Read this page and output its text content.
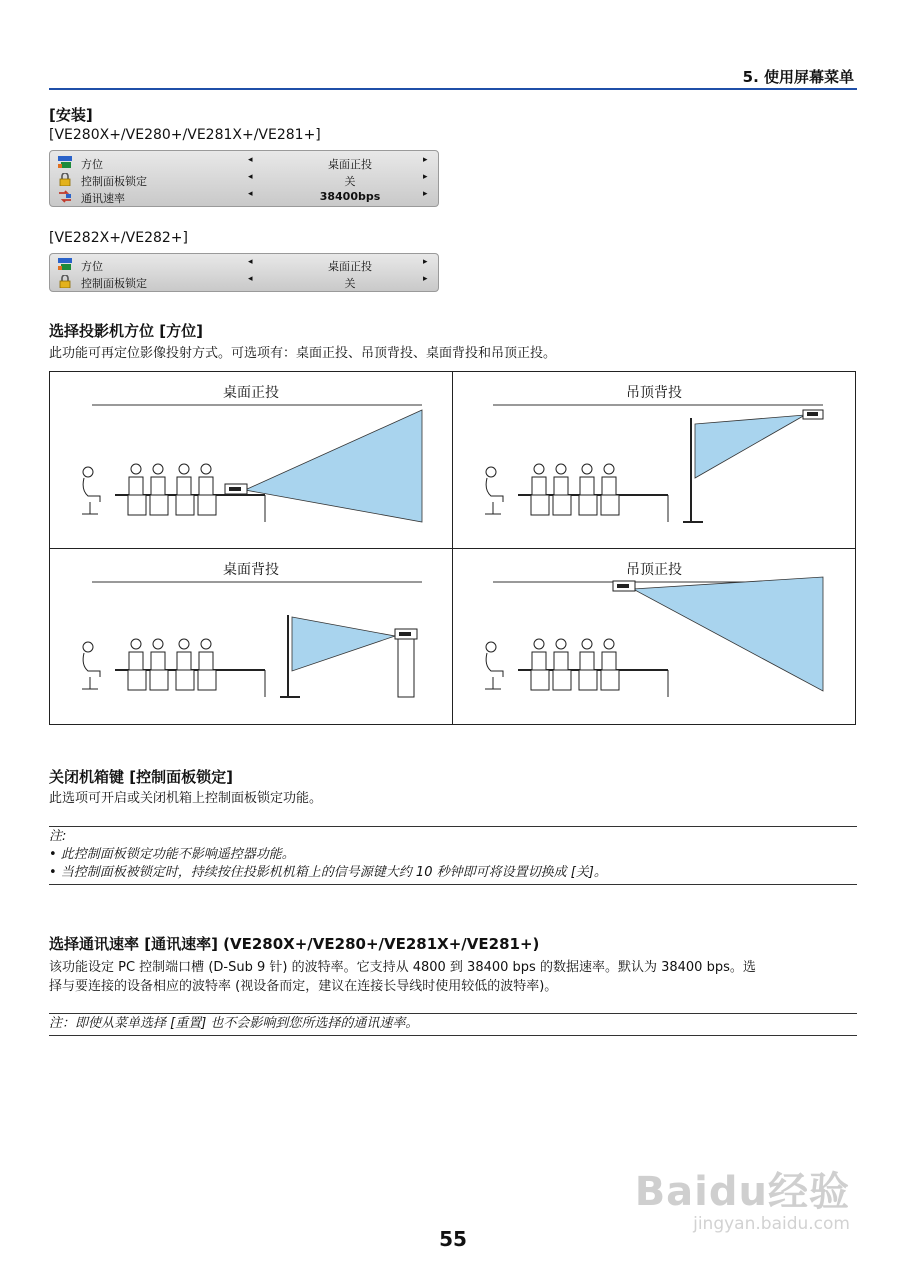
5. 使用屏幕菜单
[安装]
[VE280X+/VE280+/VE281X+/VE281+]
方位	◂	桌面正投	▸
控制面板锁定	◂	关	▸
通讯速率	◂	38400bps	▸
[VE282X+/VE282+]
方位	◂	桌面正投	▸
控制面板锁定	◂	关	▸
选择投影机方位 [方位]
此功能可再定位影像投射方式。可选项有：桌面正投、吊顶背投、桌面背投和吊顶正投。
桌面正投	吊顶背投
桌面背投	吊顶正投
关闭机箱键 [控制面板锁定]
此选项可开启或关闭机箱上控制面板锁定功能。
注:
• 此控制面板锁定功能不影响遥控器功能。
• 当控制面板被锁定时，持续按住投影机机箱上的信号源键大约 10 秒钟即可将设置切换成 [关]。
选择通讯速率 [通讯速率] (VE280X+/VE280+/VE281X+/VE281+)
该功能设定 PC 控制端口槽 (D-Sub 9 针) 的波特率。它支持从 4800 到 38400 bps 的数据速率。默认为 38400 bps。选
择与要连接的设备相应的波特率 (视设备而定，建议在连接长导线时使用较低的波特率)。
注：即使从菜单选择 [重置] 也不会影响到您所选择的通讯速率。
55
Baidu经验
jingyan.baidu.com
